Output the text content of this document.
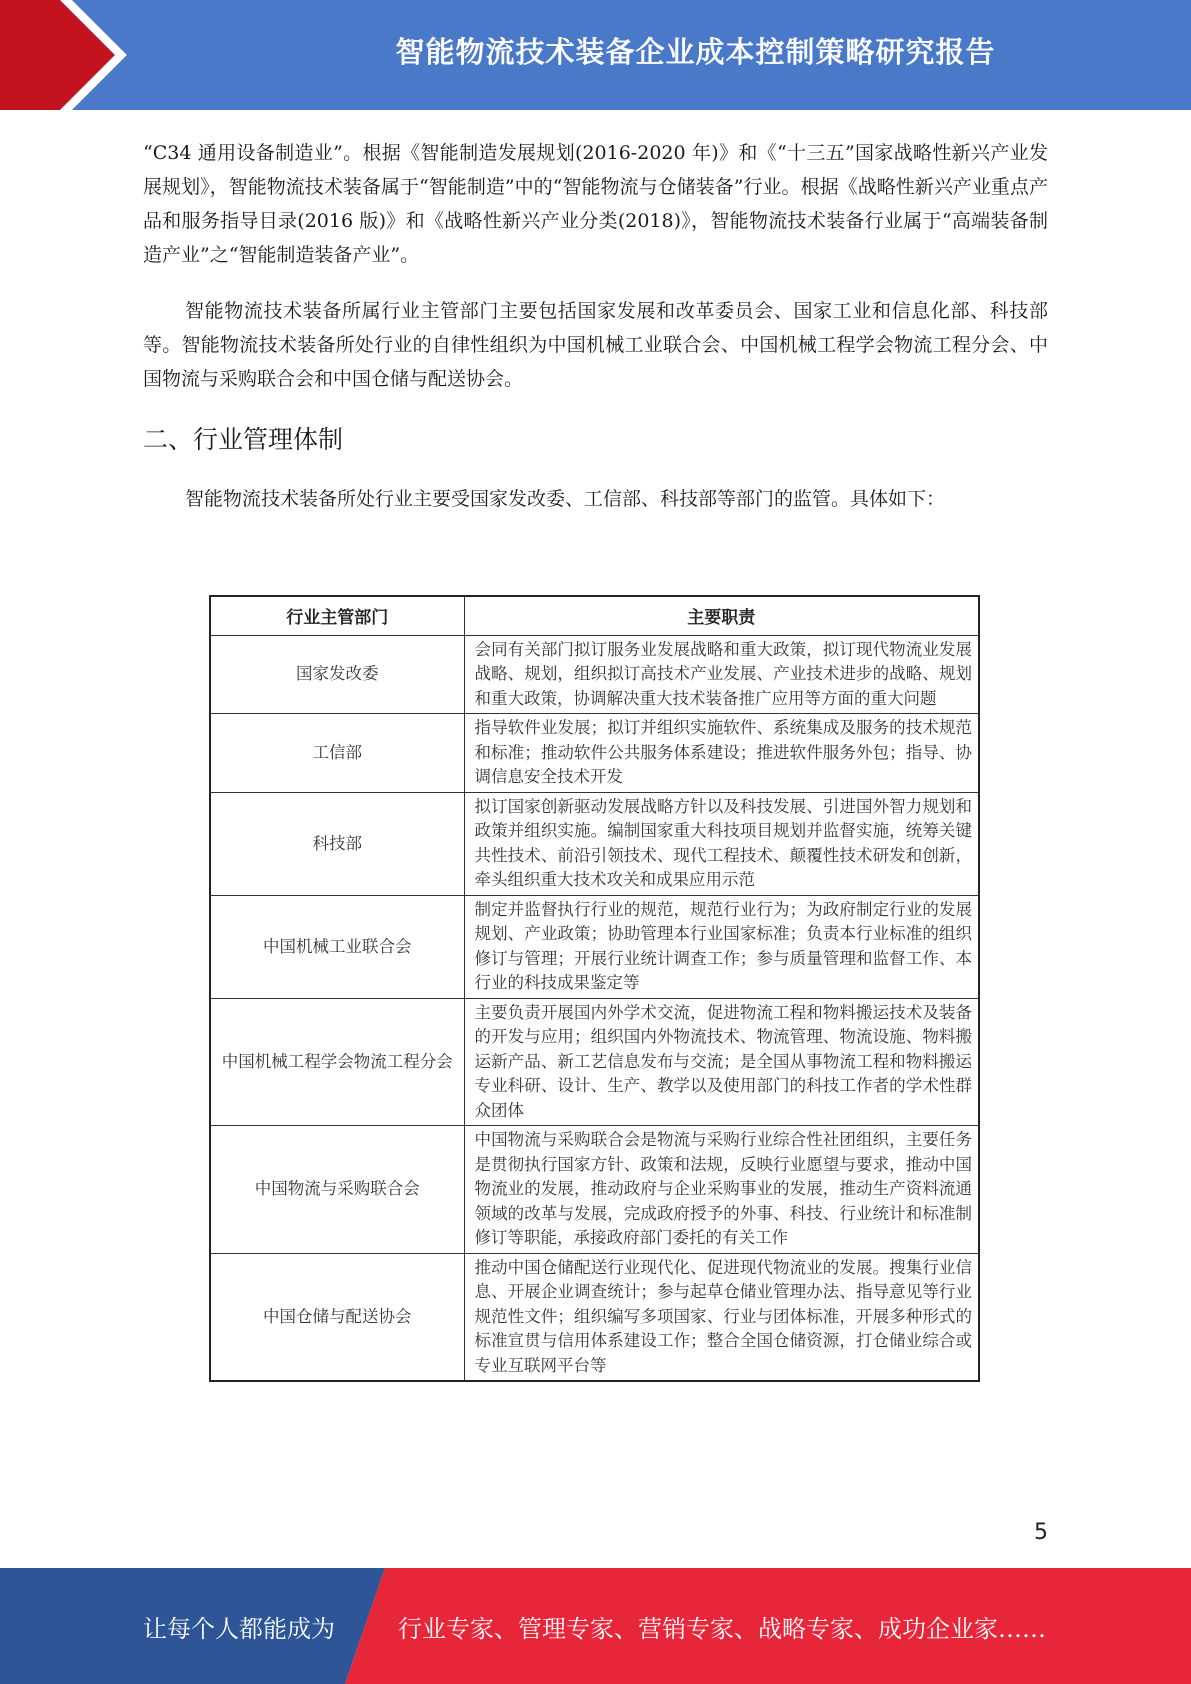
智能物流技术装备企业成本控制策略研究报告

“C34 通用设备制造业”。根据《智能制造发展规划(2016-2020 年)》和《“十三五”国家战略性新兴产业发展规划》，智能物流技术装备属于“智能制造”中的“智能物流与仓储装备”行业。根据《战略性新兴产业重点产品和服务指导目录(2016 版)》和《战略性新兴产业分类(2018)》，智能物流技术装备行业属于“高端装备制造产业”之“智能制造装备产业”。

智能物流技术装备所属行业主管部门主要包括国家发展和改革委员会、国家工业和信息化部、科技部等。智能物流技术装备所处行业的自律性组织为中国机械工业联合会、中国机械工程学会物流工程分会、中国物流与采购联合会和中国仓储与配送协会。

二、行业管理体制

智能物流技术装备所处行业主要受国家发改委、工信部、科技部等部门的监管。具体如下：

行业主管部门	主要职责
国家发改委	会同有关部门拟订服务业发展战略和重大政策，拟订现代物流业发展战略、规划，组织拟订高技术产业发展、产业技术进步的战略、规划和重大政策，协调解决重大技术装备推广应用等方面的重大问题
工信部	指导软件业发展；拟订并组织实施软件、系统集成及服务的技术规范和标准；推动软件公共服务体系建设；推进软件服务外包；指导、协调信息安全技术开发
科技部	拟订国家创新驱动发展战略方针以及科技发展、引进国外智力规划和政策并组织实施。编制国家重大科技项目规划并监督实施，统筹关键共性技术、前沿引领技术、现代工程技术、颠覆性技术研发和创新，牵头组织重大技术攻关和成果应用示范
中国机械工业联合会	制定并监督执行行业的规范，规范行业行为；为政府制定行业的发展规划、产业政策；协助管理本行业国家标准；负责本行业标准的组织修订与管理；开展行业统计调查工作；参与质量管理和监督工作、本行业的科技成果鉴定等
中国机械工程学会物流工程分会	主要负责开展国内外学术交流，促进物流工程和物料搬运技术及装备的开发与应用；组织国内外物流技术、物流管理、物流设施、物料搬运新产品、新工艺信息发布与交流；是全国从事物流工程和物料搬运专业科研、设计、生产、教学以及使用部门的科技工作者的学术性群众团体
中国物流与采购联合会	中国物流与采购联合会是物流与采购行业综合性社团组织，主要任务是贯彻执行国家方针、政策和法规，反映行业愿望与要求，推动中国物流业的发展，推动政府与企业采购事业的发展，推动生产资料流通领域的改革与发展，完成政府授予的外事、科技、行业统计和标准制修订等职能，承接政府部门委托的有关工作
中国仓储与配送协会	推动中国仓储配送行业现代化、促进现代物流业的发展。搜集行业信息、开展企业调查统计；参与起草仓储业管理办法、指导意见等行业规范性文件；组织编写多项国家、行业与团体标准，开展多种形式的标准宣贯与信用体系建设工作；整合全国仓储资源，打仓储业综合或专业互联网平台等
5
让每个人都能成为	行业专家、管理专家、营销专家、战略专家、成功企业家……
